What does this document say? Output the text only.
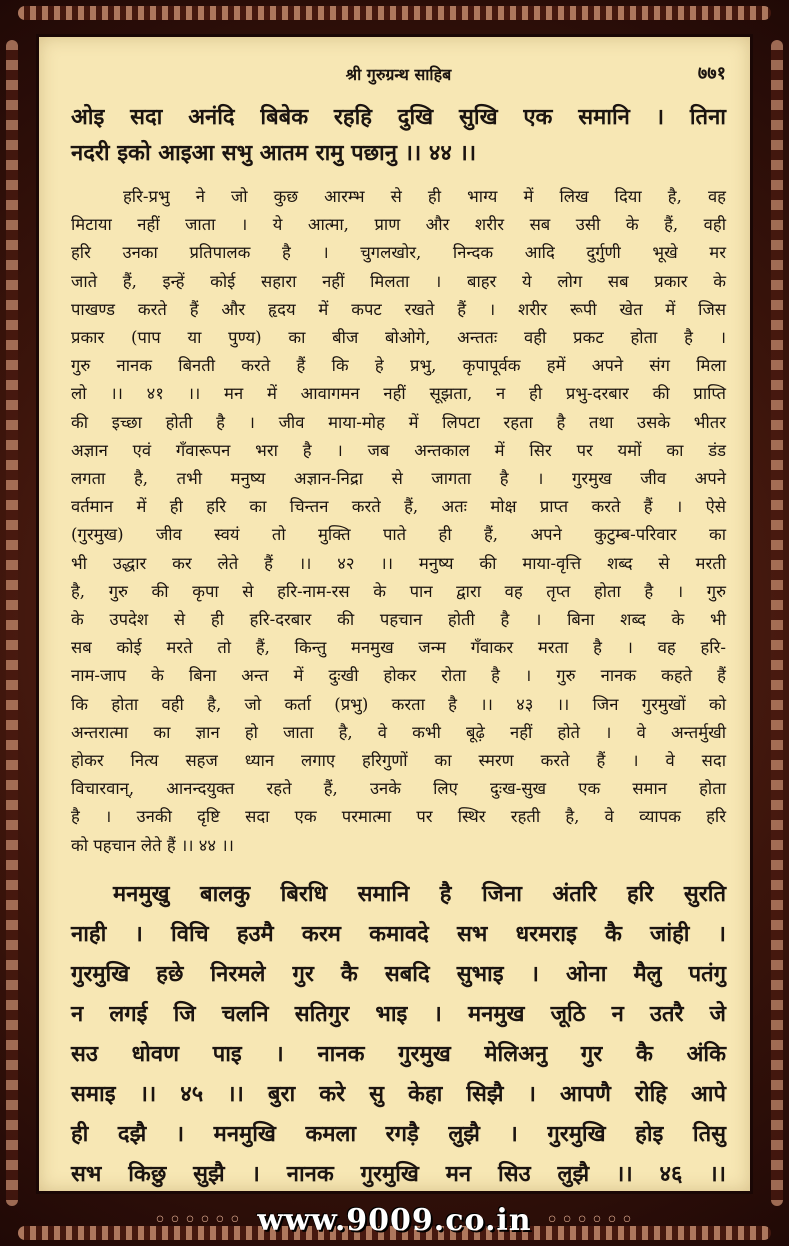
श्री गुरुग्रन्थ साहिब	७७१

ओइ सदा अनंदि बिबेक रहहि दुखि सुखि एक समानि । तिना

नदरी इको आइआ सभु आतम रामु पछानु ।। ४४ ।।

हरि-प्रभु ने जो कुछ आरम्भ से ही भाग्य में लिख दिया है, वह

मिटाया नहीं जाता । ये आत्मा, प्राण और शरीर सब उसी के हैं, वही

हरि उनका प्रतिपालक है । चुगलखोर, निन्दक आदि दुर्गुणी भूखे मर

जाते हैं, इन्हें कोई सहारा नहीं मिलता । बाहर ये लोग सब प्रकार के

पाखण्ड करते हैं और हृदय में कपट रखते हैं । शरीर रूपी खेत में जिस

प्रकार (पाप या पुण्य) का बीज बोओगे, अन्ततः वही प्रकट होता है ।

गुरु नानक बिनती करते हैं कि हे प्रभु, कृपापूर्वक हमें अपने संग मिला

लो ।। ४१ ।। मन में आवागमन नहीं सूझता, न ही प्रभु-दरबार की प्राप्ति

की इच्छा होती है । जीव माया-मोह में लिपटा रहता है तथा उसके भीतर

अज्ञान एवं गँवारूपन भरा है । जब अन्तकाल में सिर पर यमों का डंड

लगता है, तभी मनुष्य अज्ञान-निद्रा से जागता है । गुरमुख जीव अपने

वर्तमान में ही हरि का चिन्तन करते हैं, अतः मोक्ष प्राप्त करते हैं । ऐसे

(गुरमुख) जीव स्वयं तो मुक्ति पाते ही हैं, अपने कुटुम्ब-परिवार का

भी उद्धार कर लेते हैं ।। ४२ ।। मनुष्य की माया-वृत्ति शब्द से मरती

है, गुरु की कृपा से हरि-नाम-रस के पान द्वारा वह तृप्त होता है । गुरु

के उपदेश से ही हरि-दरबार की पहचान होती है । बिना शब्द के भी

सब कोई मरते तो हैं, किन्तु मनमुख जन्म गँवाकर मरता है । वह हरि-

नाम-जाप के बिना अन्त में दुःखी होकर रोता है । गुरु नानक कहते हैं

कि होता वही है, जो कर्ता (प्रभु) करता है ।। ४३ ।। जिन गुरमुखों को

अन्तरात्मा का ज्ञान हो जाता है, वे कभी बूढ़े नहीं होते । वे अन्तर्मुखी

होकर नित्य सहज ध्यान लगाए हरिगुणों का स्मरण करते हैं । वे सदा

विचारवान्, आनन्दयुक्त रहते हैं, उनके लिए दुःख-सुख एक समान होता

है । उनकी दृष्टि सदा एक परमात्मा पर स्थिर रहती है, वे व्यापक हरि

को पहचान लेते हैं ।। ४४ ।।

मनमुखु बालकु बिरधि समानि है जिना अंतरि हरि सुरति

नाही । विचि हउमै करम कमावदे सभ धरमराइ कै जांही ।

गुरमुखि हछे निरमले गुर कै सबदि सुभाइ । ओना मैलु पतंगु

न लगई जि चलनि सतिगुर भाइ । मनमुख जूठि न उतरै जे

सउ धोवण पाइ । नानक गुरमुख मेलिअनु गुर कै अंकि

समाइ ।। ४५ ।। बुरा करे सु केहा सिझै । आपणै रोहि आपे

ही दझै । मनमुखि कमला रगड़ै लुझै । गुरमुखि होइ तिसु

सभ किछु सुझै । नानक गुरमुखि मन सिउ लुझै ।। ४६ ।।

◦◦◦◦◦◦ www.9009.co.in ◦◦◦◦◦◦
